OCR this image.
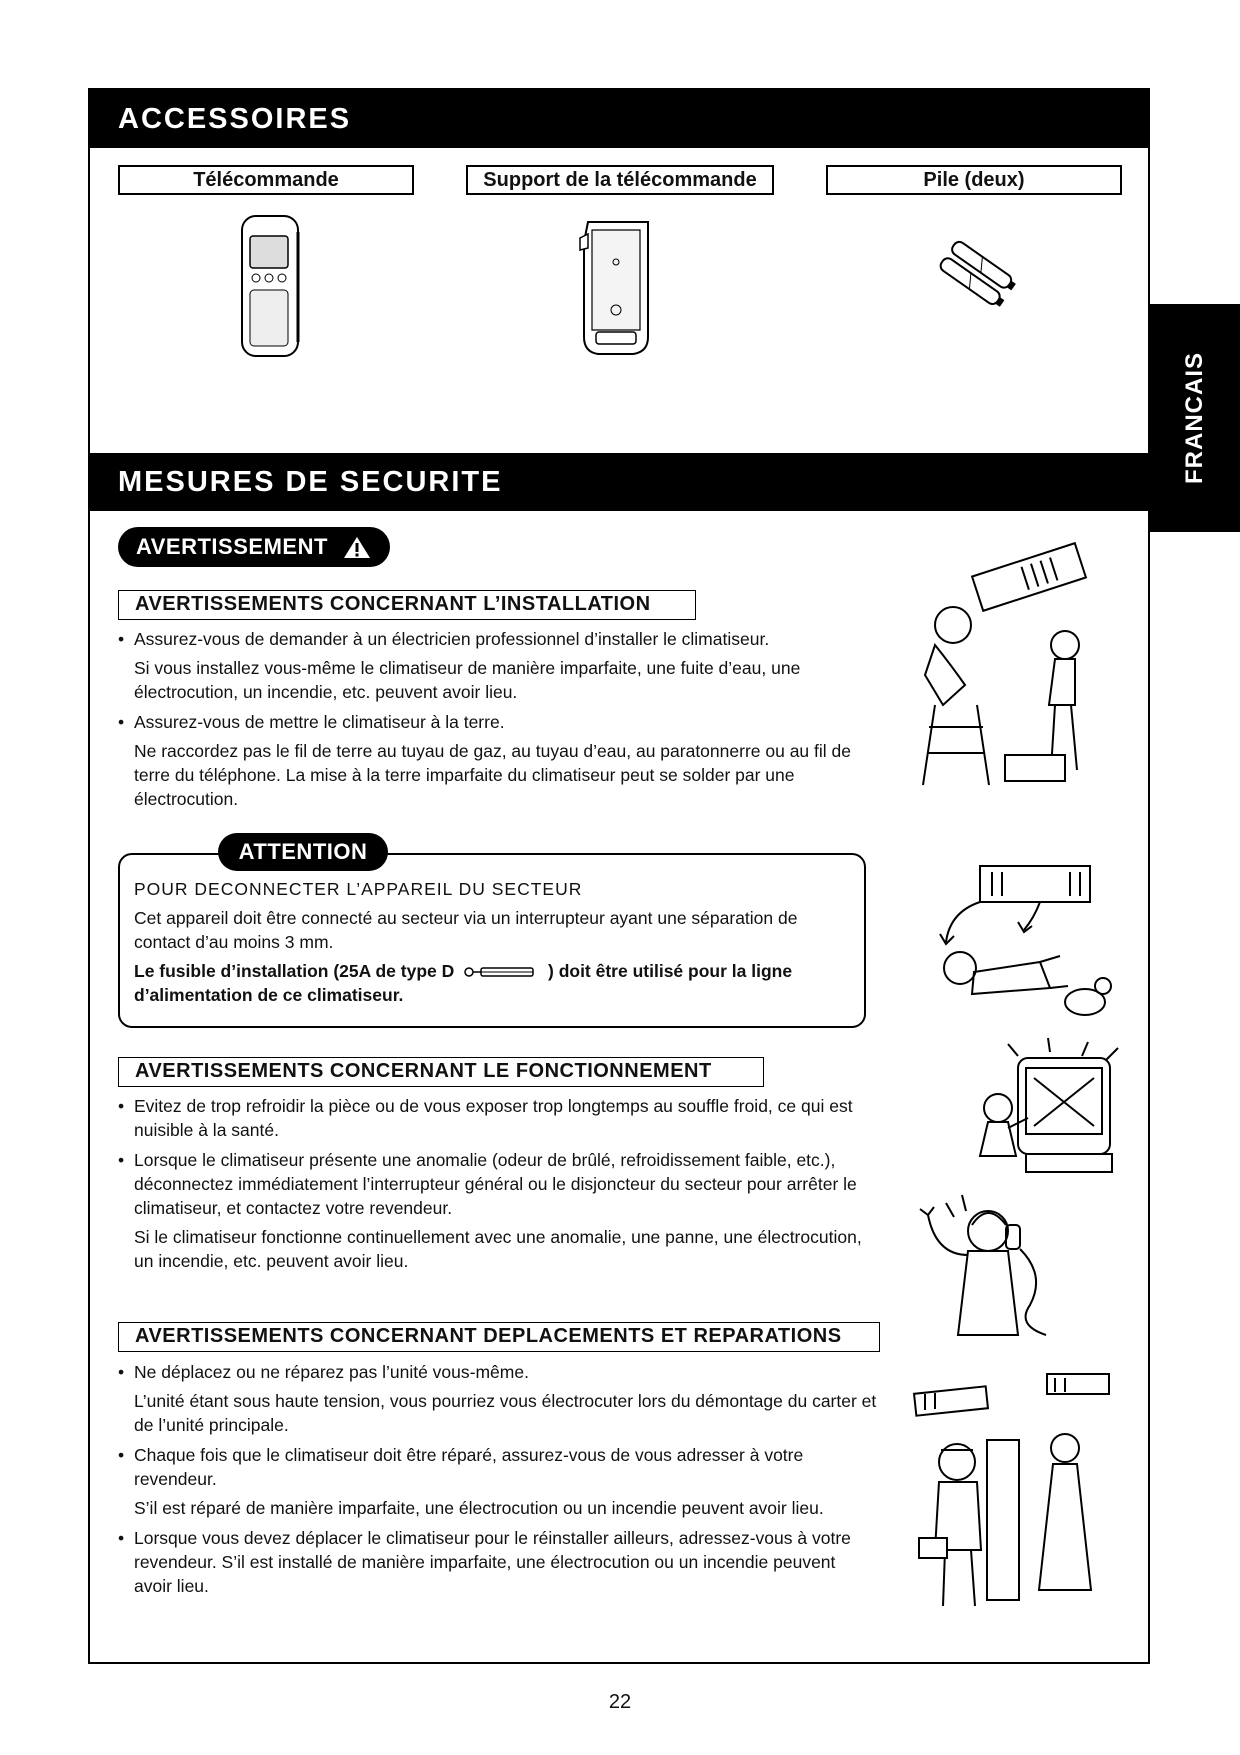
ACCESSOIRES
FRANCAIS
Télécommande	Support de la télécommande	Pile (deux)
MESURES DE SECURITE
AVERTISSEMENT
AVERTISSEMENTS CONCERNANT L’INSTALLATION
• Assurez-vous de demander à un électricien professionnel d’installer le climatiseur.
Si vous installez vous-même le climatiseur de manière imparfaite, une fuite d’eau, une électrocution, un incendie, etc. peuvent avoir lieu.
• Assurez-vous de mettre le climatiseur à la terre.
Ne raccordez pas le fil de terre au tuyau de gaz, au tuyau d’eau, au paratonnerre ou au fil de terre du téléphone. La mise à la terre imparfaite du climatiseur peut se solder par une électrocution.
ATTENTION
POUR DECONNECTER L’APPAREIL DU SECTEUR
Cet appareil doit être connecté au secteur via un interrupteur ayant une séparation de contact d’au moins 3 mm.
Le fusible d’installation (25A de type D	) doit être utilisé pour la ligne d’alimentation de ce climatiseur.
AVERTISSEMENTS CONCERNANT LE FONCTIONNEMENT
• Evitez de trop refroidir la pièce ou de vous exposer trop longtemps au souffle froid, ce qui est nuisible à la santé.
• Lorsque le climatiseur présente une anomalie (odeur de brûlé, refroidissement faible, etc.), déconnectez immédiatement l’interrupteur général ou le disjoncteur du secteur pour arrêter le climatiseur, et contactez votre revendeur.
Si le climatiseur fonctionne continuellement avec une anomalie, une panne, une électrocution, un incendie, etc. peuvent avoir lieu.
AVERTISSEMENTS CONCERNANT DEPLACEMENTS ET REPARATIONS
• Ne déplacez ou ne réparez pas l’unité vous-même.
L’unité étant sous haute tension, vous pourriez vous électrocuter lors du démontage du carter et de l’unité principale.
• Chaque fois que le climatiseur doit être réparé, assurez-vous de vous adresser à votre revendeur.
S’il est réparé de manière imparfaite, une électrocution ou un incendie peuvent avoir lieu.
• Lorsque vous devez déplacer le climatiseur pour le réinstaller ailleurs, adressez-vous à votre revendeur. S’il est installé de manière imparfaite, une électrocution ou un incendie peuvent avoir lieu.
22
